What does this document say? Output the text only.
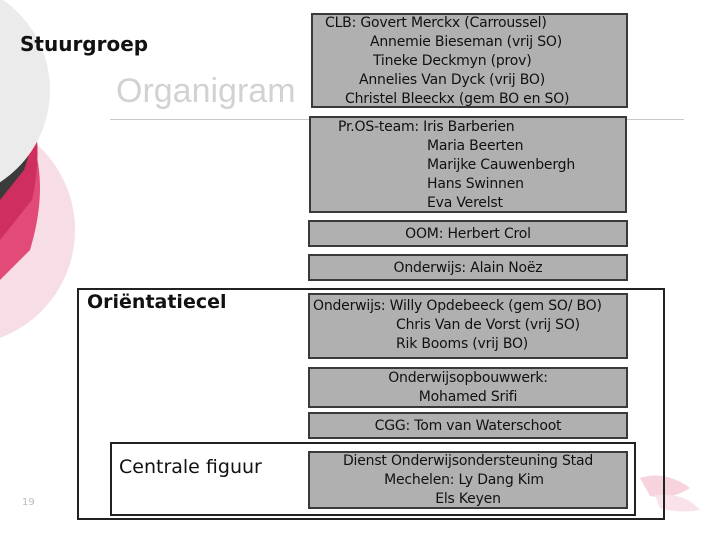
Stuurgroep
Organigram
Oriëntatiecel
Centrale figuur
CLB: Govert Merckx (Carroussel)
Annemie Bieseman (vrij SO)
Tineke Deckmyn (prov)
Annelies Van Dyck (vrij BO)
Christel Bleeckx (gem BO en SO)
Pr.OS-team: Iris Barberien
Maria Beerten
Marijke Cauwenbergh
Hans Swinnen
Eva Verelst
OOM: Herbert Crol
Onderwijs: Alain Noëz
Onderwijs: Willy Opdebeeck (gem SO/ BO)
Chris Van de Vorst (vrij SO)
Rik Booms (vrij BO)
Onderwijsopbouwwerk:
Mohamed Srifi
CGG: Tom van Waterschoot
Dienst Onderwijsondersteuning Stad
Mechelen: Ly Dang Kim
Els Keyen
19
